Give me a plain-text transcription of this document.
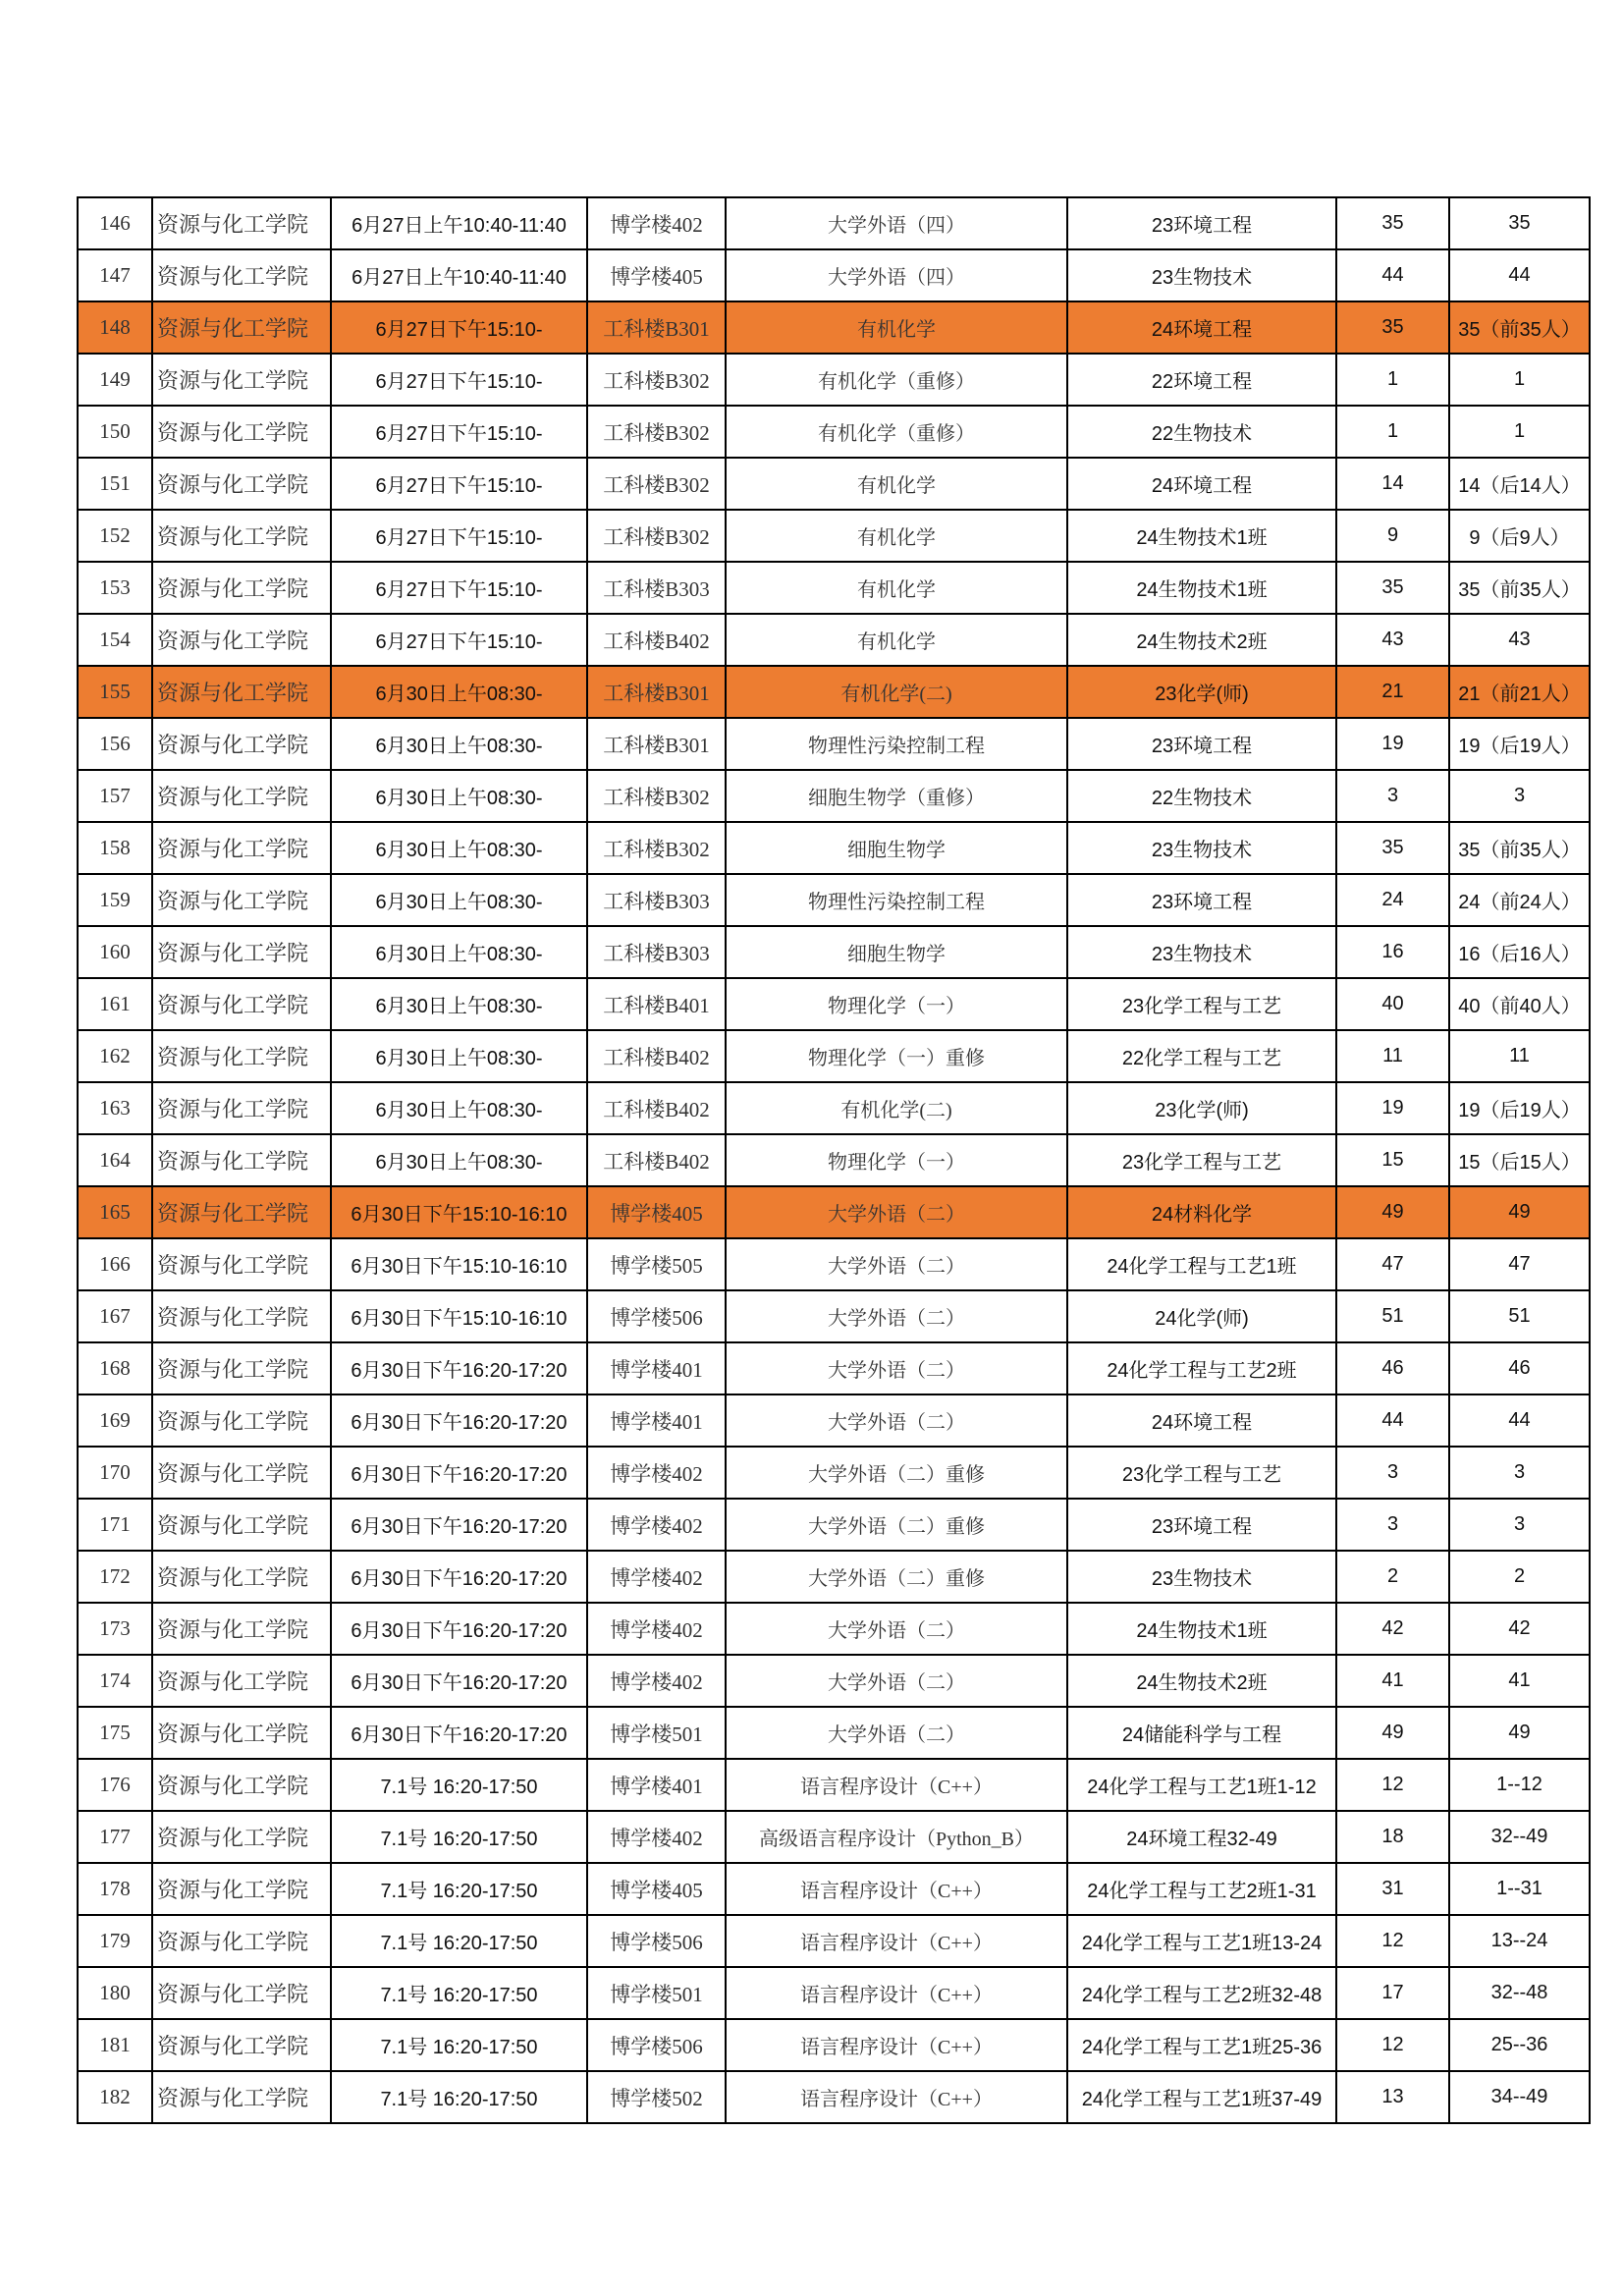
146	资源与化工学院	6月27日上午10:40-11:40	博学楼402	大学外语（四）	23环境工程	35	35
147	资源与化工学院	6月27日上午10:40-11:40	博学楼405	大学外语（四）	23生物技术	44	44
148	资源与化工学院	6月27日下午15:10-	工科楼B301	有机化学	24环境工程	35	35（前35人）
149	资源与化工学院	6月27日下午15:10-	工科楼B302	有机化学（重修）	22环境工程	1	1
150	资源与化工学院	6月27日下午15:10-	工科楼B302	有机化学（重修）	22生物技术	1	1
151	资源与化工学院	6月27日下午15:10-	工科楼B302	有机化学	24环境工程	14	14（后14人）
152	资源与化工学院	6月27日下午15:10-	工科楼B302	有机化学	24生物技术1班	9	9（后9人）
153	资源与化工学院	6月27日下午15:10-	工科楼B303	有机化学	24生物技术1班	35	35（前35人）
154	资源与化工学院	6月27日下午15:10-	工科楼B402	有机化学	24生物技术2班	43	43
155	资源与化工学院	6月30日上午08:30-	工科楼B301	有机化学(二)	23化学(师)	21	21（前21人）
156	资源与化工学院	6月30日上午08:30-	工科楼B301	物理性污染控制工程	23环境工程	19	19（后19人）
157	资源与化工学院	6月30日上午08:30-	工科楼B302	细胞生物学（重修）	22生物技术	3	3
158	资源与化工学院	6月30日上午08:30-	工科楼B302	细胞生物学	23生物技术	35	35（前35人）
159	资源与化工学院	6月30日上午08:30-	工科楼B303	物理性污染控制工程	23环境工程	24	24（前24人）
160	资源与化工学院	6月30日上午08:30-	工科楼B303	细胞生物学	23生物技术	16	16（后16人）
161	资源与化工学院	6月30日上午08:30-	工科楼B401	物理化学（一）	23化学工程与工艺	40	40（前40人）
162	资源与化工学院	6月30日上午08:30-	工科楼B402	物理化学（一）重修	22化学工程与工艺	11	11
163	资源与化工学院	6月30日上午08:30-	工科楼B402	有机化学(二)	23化学(师)	19	19（后19人）
164	资源与化工学院	6月30日上午08:30-	工科楼B402	物理化学（一）	23化学工程与工艺	15	15（后15人）
165	资源与化工学院	6月30日下午15:10-16:10	博学楼405	大学外语（二）	24材料化学	49	49
166	资源与化工学院	6月30日下午15:10-16:10	博学楼505	大学外语（二）	24化学工程与工艺1班	47	47
167	资源与化工学院	6月30日下午15:10-16:10	博学楼506	大学外语（二）	24化学(师)	51	51
168	资源与化工学院	6月30日下午16:20-17:20	博学楼401	大学外语（二）	24化学工程与工艺2班	46	46
169	资源与化工学院	6月30日下午16:20-17:20	博学楼401	大学外语（二）	24环境工程	44	44
170	资源与化工学院	6月30日下午16:20-17:20	博学楼402	大学外语（二）重修	23化学工程与工艺	3	3
171	资源与化工学院	6月30日下午16:20-17:20	博学楼402	大学外语（二）重修	23环境工程	3	3
172	资源与化工学院	6月30日下午16:20-17:20	博学楼402	大学外语（二）重修	23生物技术	2	2
173	资源与化工学院	6月30日下午16:20-17:20	博学楼402	大学外语（二）	24生物技术1班	42	42
174	资源与化工学院	6月30日下午16:20-17:20	博学楼402	大学外语（二）	24生物技术2班	41	41
175	资源与化工学院	6月30日下午16:20-17:20	博学楼501	大学外语（二）	24储能科学与工程	49	49
176	资源与化工学院	7.1号 16:20-17:50	博学楼401	语言程序设计（C++）	24化学工程与工艺1班1-12	12	1--12
177	资源与化工学院	7.1号 16:20-17:50	博学楼402	高级语言程序设计（Python_B）	24环境工程32-49	18	32--49
178	资源与化工学院	7.1号 16:20-17:50	博学楼405	语言程序设计（C++）	24化学工程与工艺2班1-31	31	1--31
179	资源与化工学院	7.1号 16:20-17:50	博学楼506	语言程序设计（C++）	24化学工程与工艺1班13-24	12	13--24
180	资源与化工学院	7.1号 16:20-17:50	博学楼501	语言程序设计（C++）	24化学工程与工艺2班32-48	17	32--48
181	资源与化工学院	7.1号 16:20-17:50	博学楼506	语言程序设计（C++）	24化学工程与工艺1班25-36	12	25--36
182	资源与化工学院	7.1号 16:20-17:50	博学楼502	语言程序设计（C++）	24化学工程与工艺1班37-49	13	34--49
